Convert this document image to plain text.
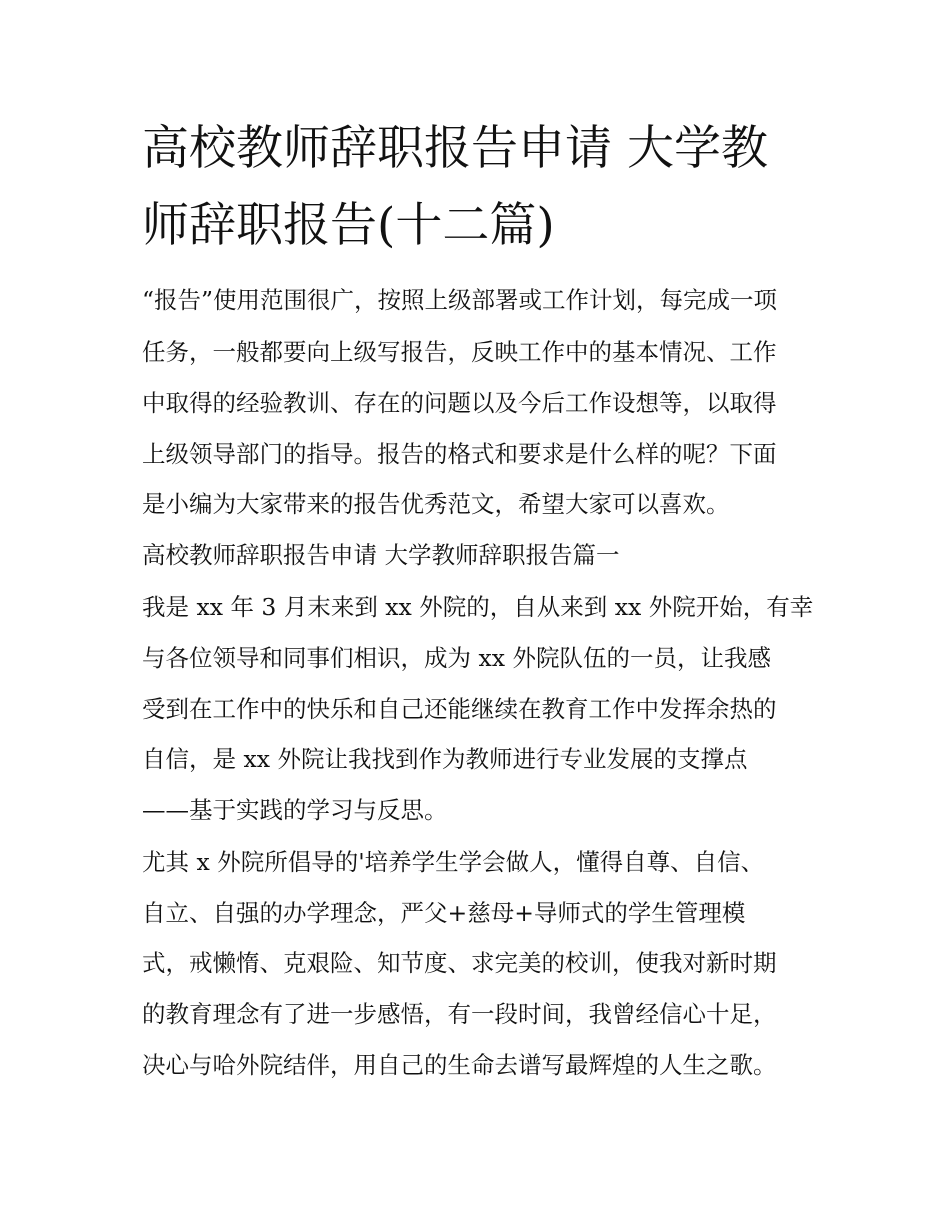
高校教师辞职报告申请 大学教
师辞职报告(十二篇)

“报告”使用范围很广，按照上级部署或工作计划，每完成一项

任务，一般都要向上级写报告，反映工作中的基本情况、工作

中取得的经验教训、存在的问题以及今后工作设想等，以取得

上级领导部门的指导。报告的格式和要求是什么样的呢？下面

是小编为大家带来的报告优秀范文，希望大家可以喜欢。

高校教师辞职报告申请 大学教师辞职报告篇一

我是 xx 年 3 月末来到 xx 外院的，自从来到 xx 外院开始，有幸

与各位领导和同事们相识，成为 xx 外院队伍的一员，让我感

受到在工作中的快乐和自己还能继续在教育工作中发挥余热的

自信，是 xx 外院让我找到作为教师进行专业发展的支撑点

——基于实践的学习与反思。

尤其 x 外院所倡导的'培养学生学会做人，懂得自尊、自信、

自立、自强的办学理念，严父+慈母+导师式的学生管理模

式，戒懒惰、克艰险、知节度、求完美的校训，使我对新时期

的教育理念有了进一步感悟，有一段时间，我曾经信心十足，

决心与哈外院结伴，用自己的生命去谱写最辉煌的人生之歌。
